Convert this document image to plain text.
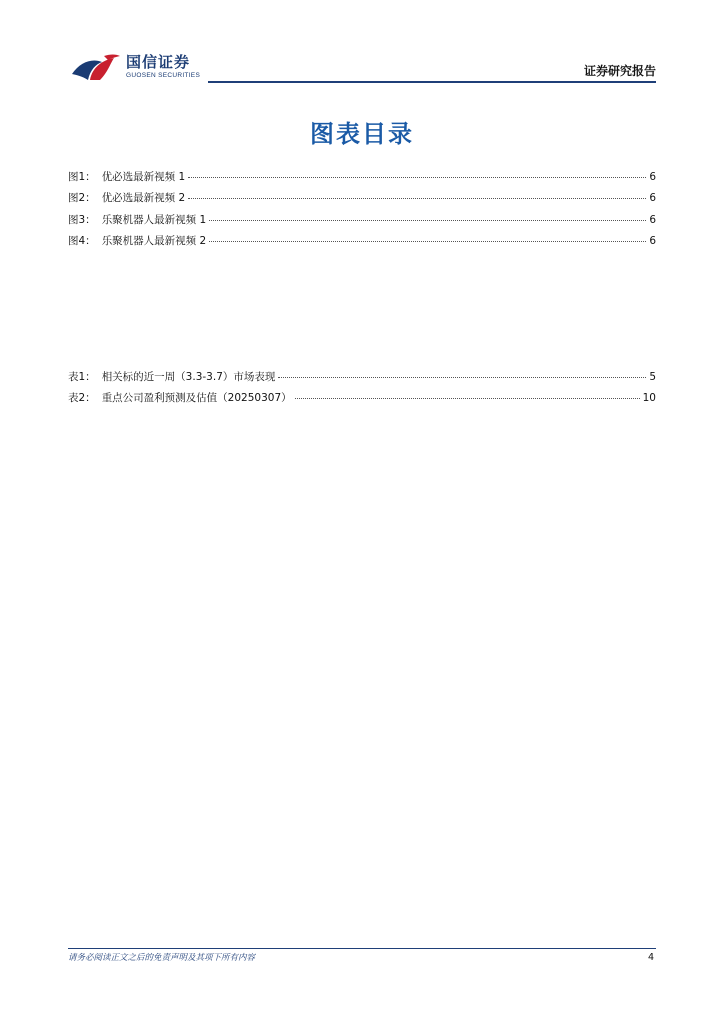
国信证券
GUOSEN SECURITIES	证券研究报告
图表目录
图1： 优必选最新视频 1	6
图2： 优必选最新视频 2	6
图3： 乐聚机器人最新视频 1	6
图4： 乐聚机器人最新视频 2	6
表1： 相关标的近一周（3.3-3.7）市场表现	5
表2： 重点公司盈利预测及估值（20250307）	10
请务必阅读正文之后的免责声明及其项下所有内容	4
